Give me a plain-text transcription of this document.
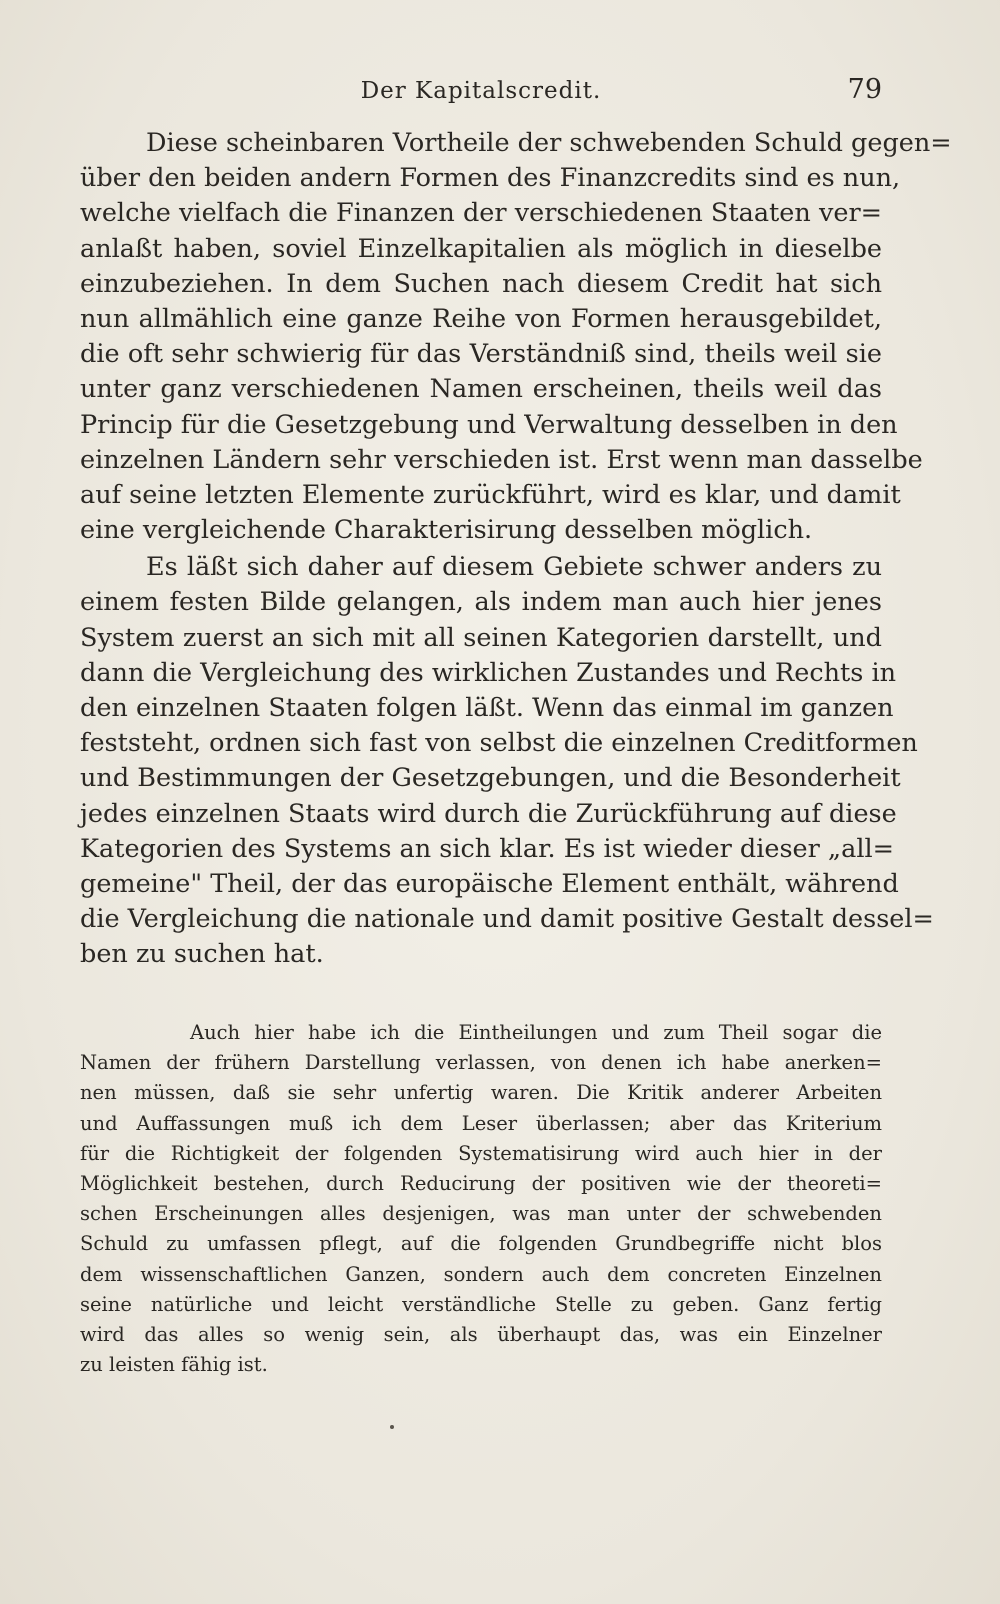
Der Kapitalscredit.	79
Diese scheinbaren Vortheile der schwebenden Schuld gegen=
über den beiden andern Formen des Finanzcredits sind es nun,
welche vielfach die Finanzen der verschiedenen Staaten ver=
anlaßt haben, soviel Einzelkapitalien als möglich in dieselbe
einzubeziehen. In dem Suchen nach diesem Credit hat sich
nun allmählich eine ganze Reihe von Formen herausgebildet,
die oft sehr schwierig für das Verständniß sind, theils weil sie
unter ganz verschiedenen Namen erscheinen, theils weil das
Princip für die Gesetzgebung und Verwaltung desselben in den
einzelnen Ländern sehr verschieden ist. Erst wenn man dasselbe
auf seine letzten Elemente zurückführt, wird es klar, und damit
eine vergleichende Charakterisirung desselben möglich.
Es läßt sich daher auf diesem Gebiete schwer anders zu
einem festen Bilde gelangen, als indem man auch hier jenes
System zuerst an sich mit all seinen Kategorien darstellt, und
dann die Vergleichung des wirklichen Zustandes und Rechts in
den einzelnen Staaten folgen läßt. Wenn das einmal im ganzen
feststeht, ordnen sich fast von selbst die einzelnen Creditformen
und Bestimmungen der Gesetzgebungen, und die Besonderheit
jedes einzelnen Staats wird durch die Zurückführung auf diese
Kategorien des Systems an sich klar. Es ist wieder dieser „all=
gemeine" Theil, der das europäische Element enthält, während
die Vergleichung die nationale und damit positive Gestalt dessel=
ben zu suchen hat.
Auch hier habe ich die Eintheilungen und zum Theil sogar die
Namen der frühern Darstellung verlassen, von denen ich habe anerken=
nen müssen, daß sie sehr unfertig waren. Die Kritik anderer Arbeiten
und Auffassungen muß ich dem Leser überlassen; aber das Kriterium
für die Richtigkeit der folgenden Systematisirung wird auch hier in der
Möglichkeit bestehen, durch Reducirung der positiven wie der theoreti=
schen Erscheinungen alles desjenigen, was man unter der schwebenden
Schuld zu umfassen pflegt, auf die folgenden Grundbegriffe nicht blos
dem wissenschaftlichen Ganzen, sondern auch dem concreten Einzelnen
seine natürliche und leicht verständliche Stelle zu geben. Ganz fertig
wird das alles so wenig sein, als überhaupt das, was ein Einzelner
zu leisten fähig ist.
